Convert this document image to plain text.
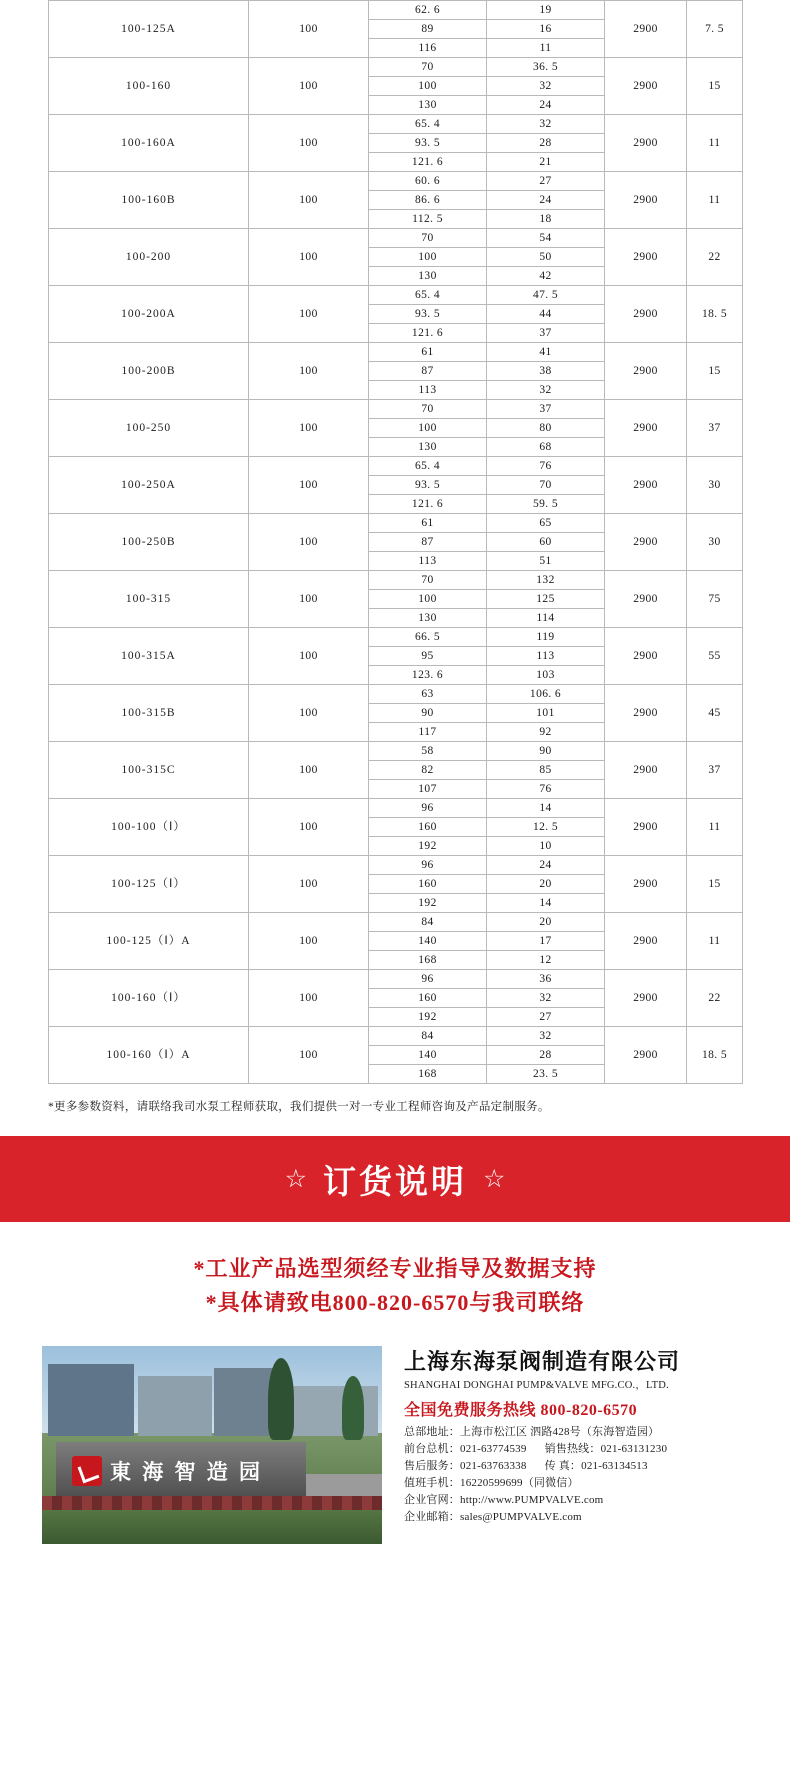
100-125A	100	62. 6	19	2900	7. 5
		89	16		
		116	11		
100-160	100	70	36. 5	2900	15
		100	32		
		130	24		
100-160A	100	65. 4	32	2900	11
		93. 5	28		
		121. 6	21		
100-160B	100	60. 6	27	2900	11
		86. 6	24		
		112. 5	18		
100-200	100	70	54	2900	22
		100	50		
		130	42		
100-200A	100	65. 4	47. 5	2900	18. 5
		93. 5	44		
		121. 6	37		
100-200B	100	61	41	2900	15
		87	38		
		113	32		
100-250	100	70	37	2900	37
		100	80		
		130	68		
100-250A	100	65. 4	76	2900	30
		93. 5	70		
		121. 6	59. 5		
100-250B	100	61	65	2900	30
		87	60		
		113	51		
100-315	100	70	132	2900	75
		100	125		
		130	114		
100-315A	100	66. 5	119	2900	55
		95	113		
		123. 6	103		
100-315B	100	63	106. 6	2900	45
		90	101		
		117	92		
100-315C	100	58	90	2900	37
		82	85		
		107	76		
100-100（Ⅰ）	100	96	14	2900	11
		160	12. 5		
		192	10		
100-125（Ⅰ）	100	96	24	2900	15
		160	20		
		192	14		
100-125（Ⅰ）A	100	84	20	2900	11
		140	17		
		168	12		
100-160（Ⅰ）	100	96	36	2900	22
		160	32		
		192	27		
100-160（Ⅰ）A	100	84	32	2900	18. 5
		140	28		
		168	23. 5		
*更多参数资料，请联络我司水泵工程师获取，我们提供一对一专业工程师咨询及产品定制服务。
☆ 订货说明 ☆
*工业产品选型须经专业指导及数据支持
*具体请致电800-820-6570与我司联络
東 海 智 造 园
上海东海泵阀制造有限公司
SHANGHAI DONGHAI PUMP&VALVE MFG.CO.，LTD.
全国免费服务热线 800-820-6570
总部地址：上海市松江区 泗路428号（东海智造园）
前台总机：021-63774539 销售热线：021-63131230
售后服务：021-63763338 传 真：021-63134513
值班手机：16220599699（同微信）
企业官网：http://www.PUMPVALVE.com
企业邮箱：sales@PUMPVALVE.com
